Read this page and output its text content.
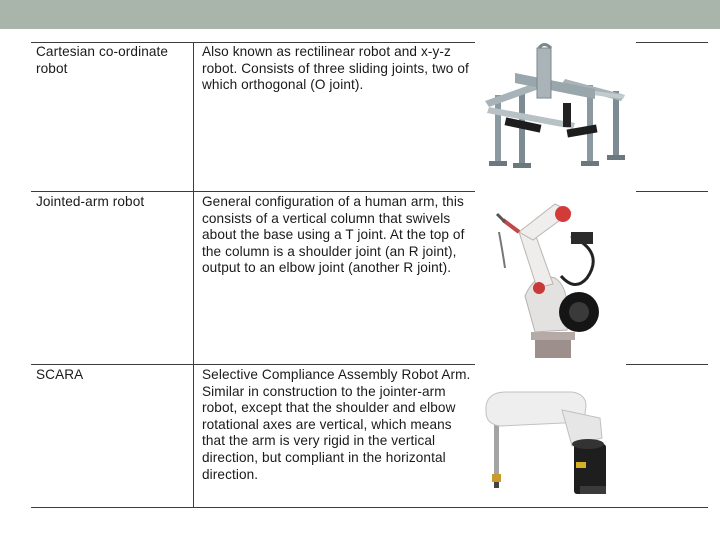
Cartesian co-ordinate robot
Also known as rectilinear robot and x-y-z robot. Consists of three sliding joints, two of which orthogonal (O joint).
Jointed-arm robot	General configuration of a human arm, this consists of a vertical column that swivels about the base using a T joint. At the top of the column is a shoulder joint (an R joint), output to an elbow joint (another R joint).
SCARA	Selective Compliance Assembly Robot Arm. Similar in construction to the jointer-arm robot, except that the shoulder and elbow rotational axes are vertical, which means that the arm is very rigid in the vertical direction, but compliant in the horizontal direction.
